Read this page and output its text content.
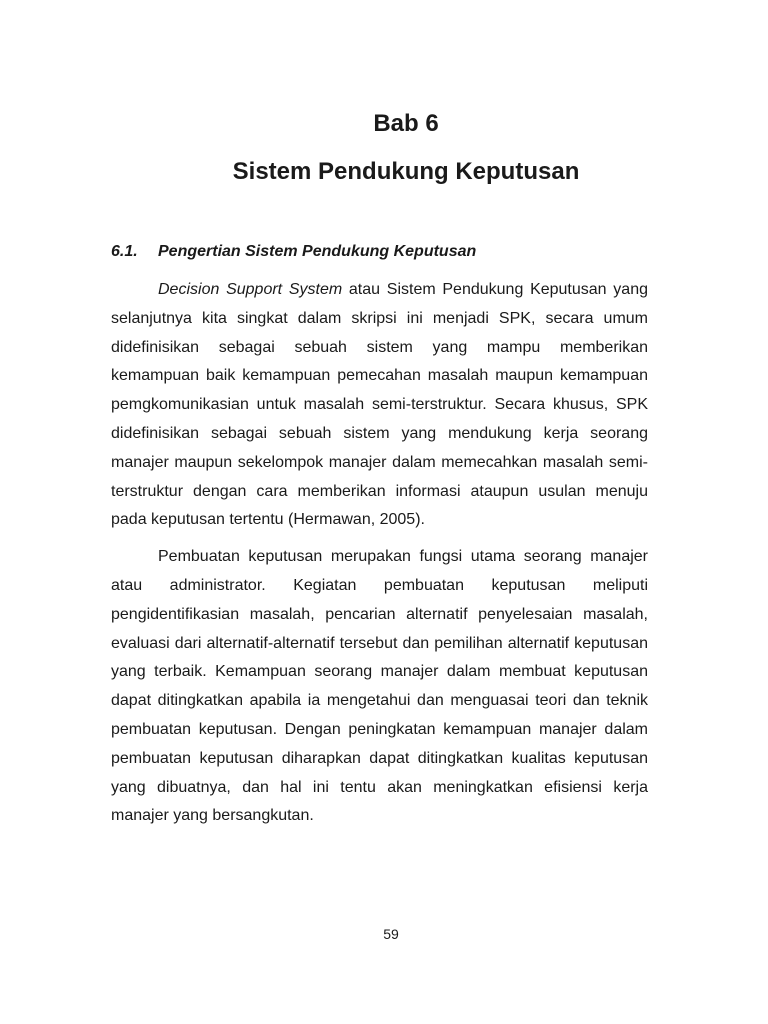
Bab 6
Sistem Pendukung Keputusan
6.1. Pengertian Sistem Pendukung Keputusan

Decision Support System atau Sistem Pendukung Keputusan yang selanjutnya kita singkat dalam skripsi ini menjadi SPK, secara umum didefinisikan sebagai sebuah sistem yang mampu memberikan kemampuan baik kemampuan pemecahan masalah maupun kemampuan pemgkomunikasian untuk masalah semi-terstruktur. Secara khusus, SPK didefinisikan sebagai sebuah sistem yang mendukung kerja seorang manajer maupun sekelompok manajer dalam memecahkan masalah semi-terstruktur dengan cara memberikan informasi ataupun usulan menuju pada keputusan tertentu (Hermawan, 2005).

Pembuatan keputusan merupakan fungsi utama seorang manajer atau administrator. Kegiatan pembuatan keputusan meliputi pengidentifikasian masalah, pencarian alternatif penyelesaian masalah, evaluasi dari alternatif-alternatif tersebut dan pemilihan alternatif keputusan yang terbaik. Kemampuan seorang manajer dalam membuat keputusan dapat ditingkatkan apabila ia mengetahui dan menguasai teori dan teknik pembuatan keputusan. Dengan peningkatan kemampuan manajer dalam pembuatan keputusan diharapkan dapat ditingkatkan kualitas keputusan yang dibuatnya, dan hal ini tentu akan meningkatkan efisiensi kerja manajer yang bersangkutan.

59
